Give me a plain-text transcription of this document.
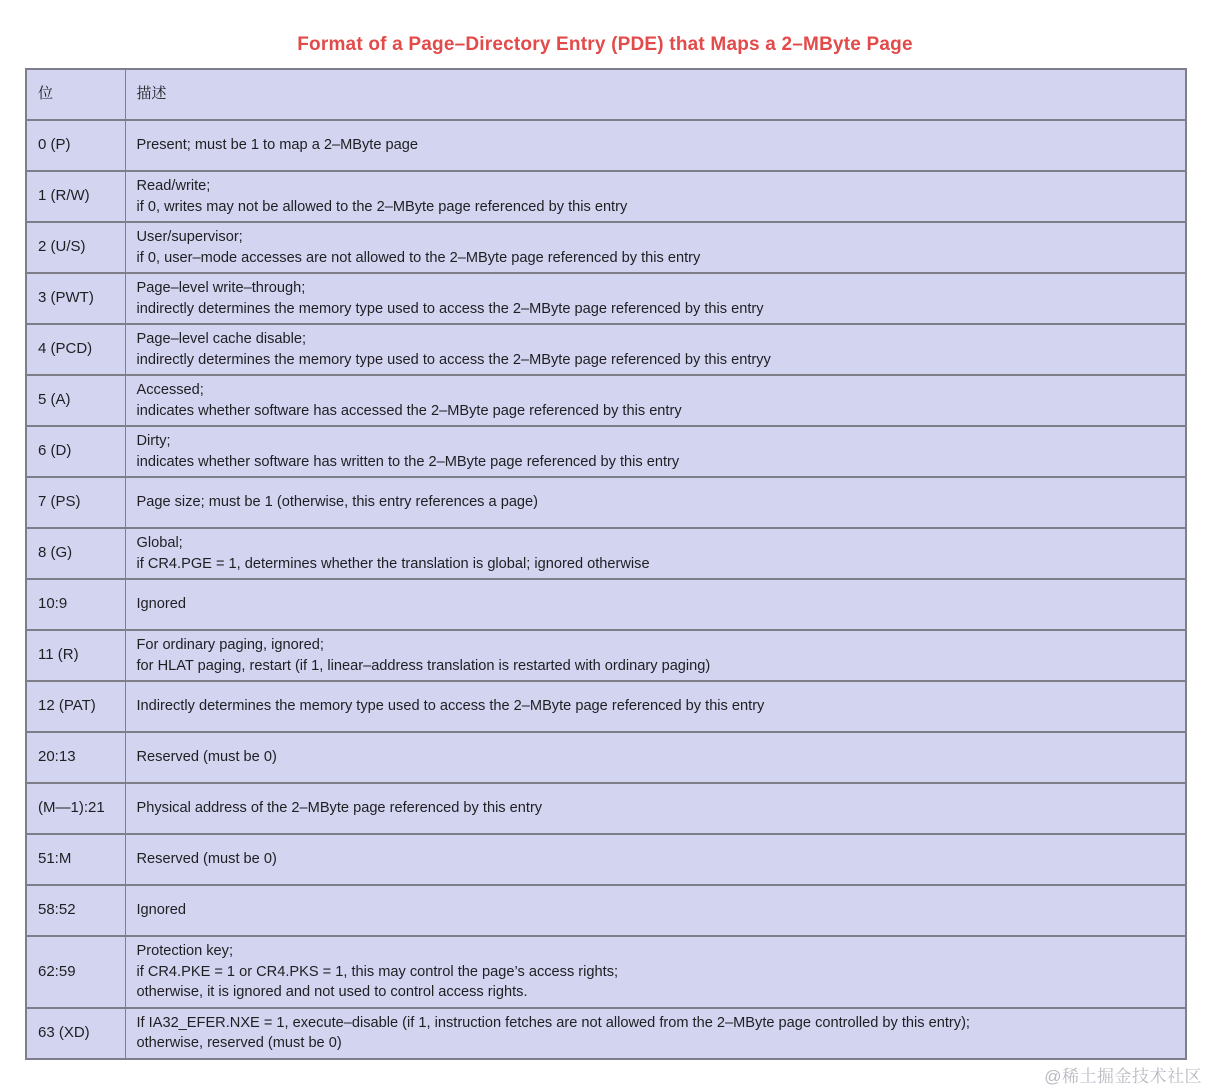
Format of a Page–Directory Entry (PDE) that Maps a 2–MByte Page
位	描述
0 (P)	Present; must be 1 to map a 2–MByte page

1 (R/W)	Read/write;
if 0, writes may not be allowed to the 2–MByte page referenced by this entry

2 (U/S)	User/supervisor;
if 0, user–mode accesses are not allowed to the 2–MByte page referenced by this entry

3 (PWT)	Page–level write–through;
indirectly determines the memory type used to access the 2–MByte page referenced by this entry

4 (PCD)	Page–level cache disable;
indirectly determines the memory type used to access the 2–MByte page referenced by this entryy

5 (A)	Accessed;
indicates whether software has accessed the 2–MByte page referenced by this entry

6 (D)	Dirty;
indicates whether software has written to the 2–MByte page referenced by this entry

7 (PS)	Page size; must be 1 (otherwise, this entry references a page)

8 (G)	Global;
if CR4.PGE = 1, determines whether the translation is global; ignored otherwise

10:9	Ignored

11 (R)	For ordinary paging, ignored;
for HLAT paging, restart (if 1, linear–address translation is restarted with ordinary paging)

12 (PAT)	Indirectly determines the memory type used to access the 2–MByte page referenced by this entry

20:13	Reserved (must be 0)

(M—1):21	Physical address of the 2–MByte page referenced by this entry

51:M	Reserved (must be 0)

58:52	Ignored

62:59	Protection key;
if CR4.PKE = 1 or CR4.PKS = 1, this may control the page’s access rights;
otherwise, it is ignored and not used to control access rights.

63 (XD)	If IA32_EFER.NXE = 1, execute–disable (if 1, instruction fetches are not allowed from the 2–MByte page controlled by this entry);
otherwise, reserved (must be 0)
@稀土掘金技术社区
